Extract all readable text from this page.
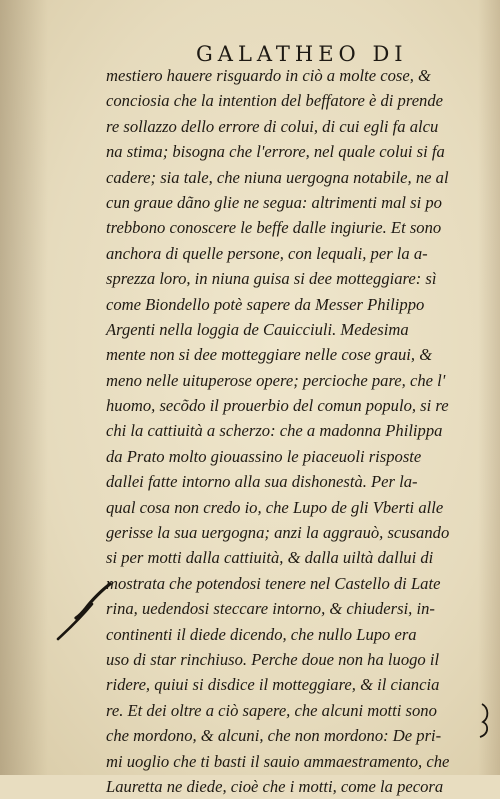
GALATHEO DI
mestiero hauere risguardo in ciò a molte cose, &
conciosia che la intention del beffatore è di prende
re sollazzo dello errore di colui, di cui egli fa alcu
na stima; bisogna che l'errore, nel quale colui si fa
cadere; sia tale, che niuna uergogna notabile, ne al
cun graue dãno glie ne segua: altrimenti mal si po
trebbono conoscere le beffe dalle ingiurie. Et sono
anchora di quelle persone, con lequali, per la a-
sprezza loro, in niuna guisa si dee motteggiare: sì
come Biondello potè sapere da Messer Philippo
Argenti nella loggia de Cauicciuli. Medesima
mente non si dee motteggiare nelle cose graui, &
meno nelle uituperose opere; percioche pare, che l'
huomo, secõdo il prouerbio del comun populo, si re
chi la cattiuità a scherzo: che a madonna Philippa
da Prato molto giouassino le piaceuoli risposte
dallei fatte intorno alla sua dishonestà. Per la-
qual cosa non credo io, che Lupo de gli Vberti alle
gerisse la sua uergogna; anzi la aggrauò, scusando
si per motti dalla cattiuità, & dalla uiltà dallui di
mostrata che potendosi tenere nel Castello di Late
rina, uedendosi steccare intorno, & chiudersi, in-
continenti il diede dicendo, che nullo Lupo era
uso di star rinchiuso. Perche doue non ha luogo il
ridere, quiui si disdice il motteggiare, & il ciancia
re. Et dei oltre a ciò sapere, che alcuni motti sono
che mordono, & alcuni, che non mordono: De pri-
mi uoglio che ti basti il sauio ammaestramento, che
Lauretta ne diede, cioè che i motti, come la pecora
